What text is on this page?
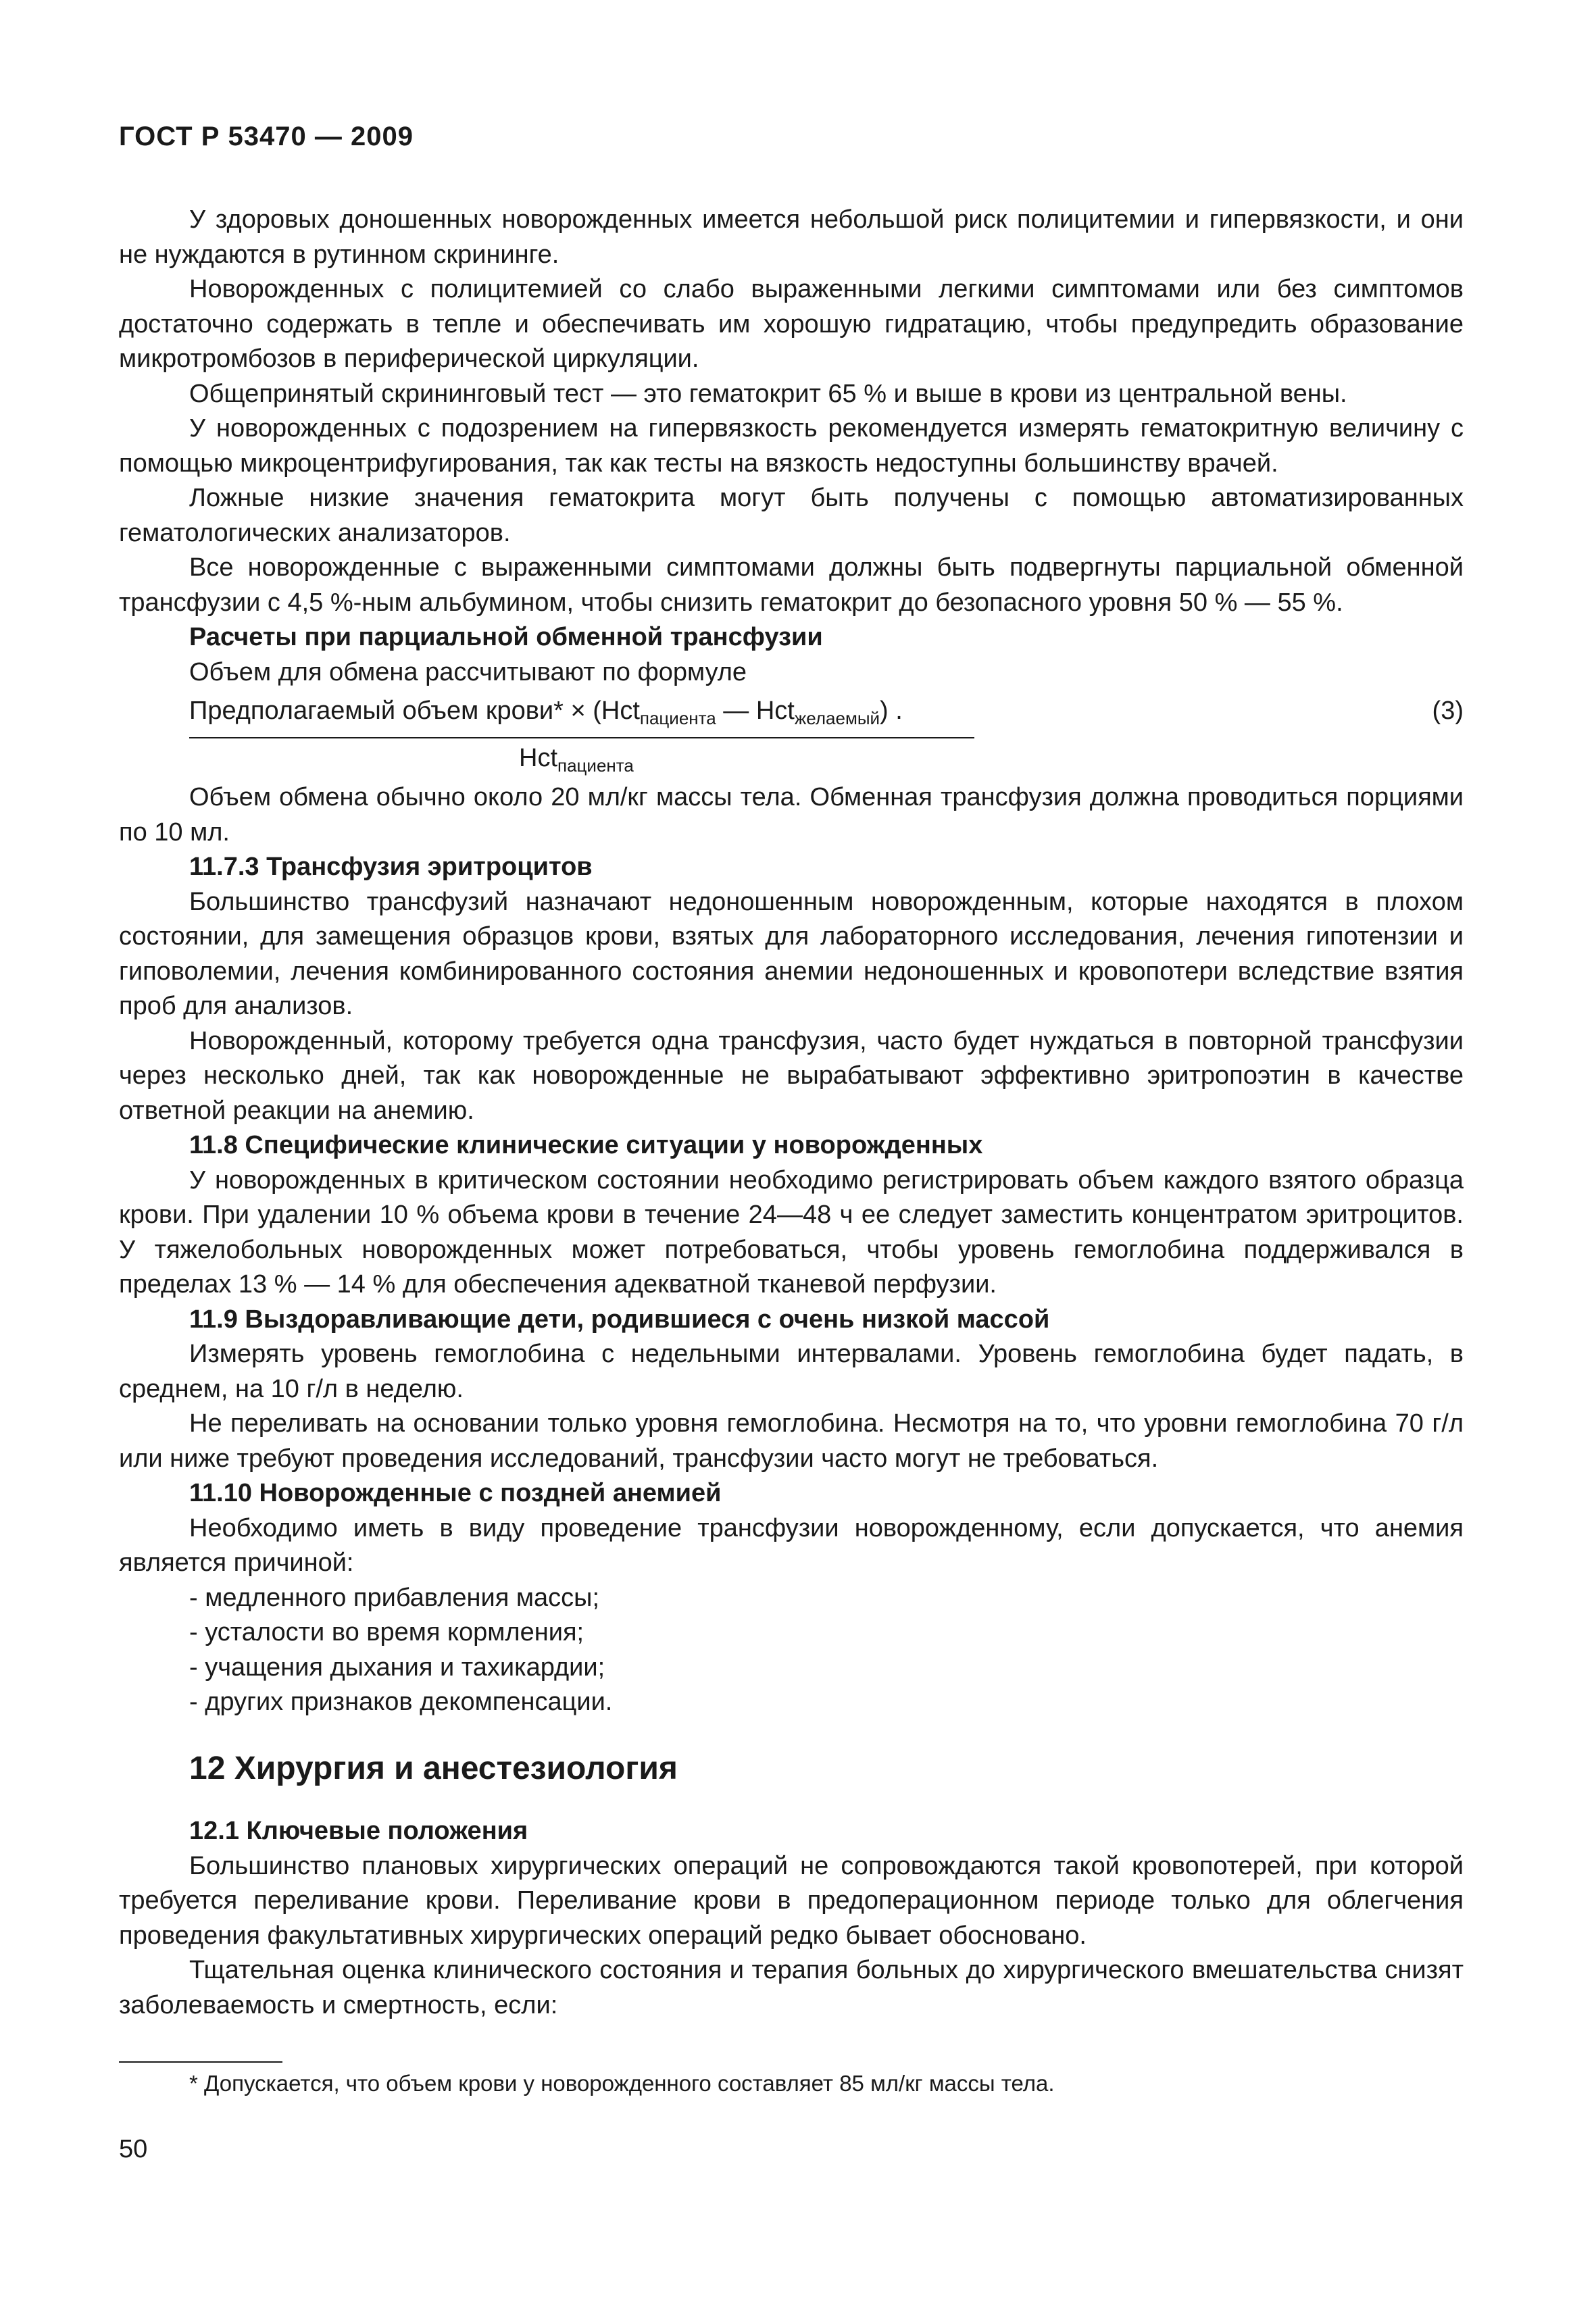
ГОСТ Р 53470 — 2009

У здоровых доношенных новорожденных имеется небольшой риск полицитемии и гипервязкости, и они не нуждаются в рутинном скрининге.

Новорожденных с полицитемией со слабо выраженными легкими симптомами или без симптомов достаточно содержать в тепле и обеспечивать им хорошую гидратацию, чтобы предупредить образование микротромбозов в периферической циркуляции.

Общепринятый скрининговый тест — это гематокрит 65 % и выше в крови из центральной вены.

У новорожденных с подозрением на гипервязкость рекомендуется измерять гематокритную величину с помощью микроцентрифугирования, так как тесты на вязкость недоступны большинству врачей.

Ложные низкие значения гематокрита могут быть получены с помощью автоматизированных гематологических анализаторов.

Все новорожденные с выраженными симптомами должны быть подвергнуты парциальной обменной трансфузии с 4,5 %-ным альбумином, чтобы снизить гематокрит до безопасного уровня 50 % — 55 %.

Расчеты при парциальной обменной трансфузии

Объем для обмена рассчитывают по формуле

Предполагаемый объем крови* × (Hct$_{пациента}$ — Hct$_{желаемый}$) .
Hct$_{пациента}$
(3)

Объем обмена обычно около 20 мл/кг массы тела. Обменная трансфузия должна проводиться порциями по 10 мл.

11.7.3 Трансфузия эритроцитов

Большинство трансфузий назначают недоношенным новорожденным, которые находятся в плохом состоянии, для замещения образцов крови, взятых для лабораторного исследования, лечения гипотензии и гиповолемии, лечения комбинированного состояния анемии недоношенных и кровопотери вследствие взятия проб для анализов.

Новорожденный, которому требуется одна трансфузия, часто будет нуждаться в повторной трансфузии через несколько дней, так как новорожденные не вырабатывают эффективно эритропоэтин в качестве ответной реакции на анемию.

11.8 Специфические клинические ситуации у новорожденных

У новорожденных в критическом состоянии необходимо регистрировать объем каждого взятого образца крови. При удалении 10 % объема крови в течение 24—48 ч ее следует заместить концентратом эритроцитов. У тяжелобольных новорожденных может потребоваться, чтобы уровень гемоглобина поддерживался в пределах 13 % — 14 % для обеспечения адекватной тканевой перфузии.

11.9 Выздоравливающие дети, родившиеся с очень низкой массой

Измерять уровень гемоглобина с недельными интервалами. Уровень гемоглобина будет падать, в среднем, на 10 г/л в неделю.

Не переливать на основании только уровня гемоглобина. Несмотря на то, что уровни гемоглобина 70 г/л или ниже требуют проведения исследований, трансфузии часто могут не требоваться.

11.10 Новорожденные с поздней анемией

Необходимо иметь в виду проведение трансфузии новорожденному, если допускается, что анемия является причиной:

- медленного прибавления массы;

- усталости во время кормления;

- учащения дыхания и тахикардии;

- других признаков декомпенсации.

12 Хирургия и анестезиология

12.1 Ключевые положения

Большинство плановых хирургических операций не сопровождаются такой кровопотерей, при которой требуется переливание крови. Переливание крови в предоперационном периоде только для облегчения проведения факультативных хирургических операций редко бывает обосновано.

Тщательная оценка клинического состояния и терапия больных до хирургического вмешательства снизят заболеваемость и смертность, если:

* Допускается, что объем крови у новорожденного составляет 85 мл/кг массы тела.
50
